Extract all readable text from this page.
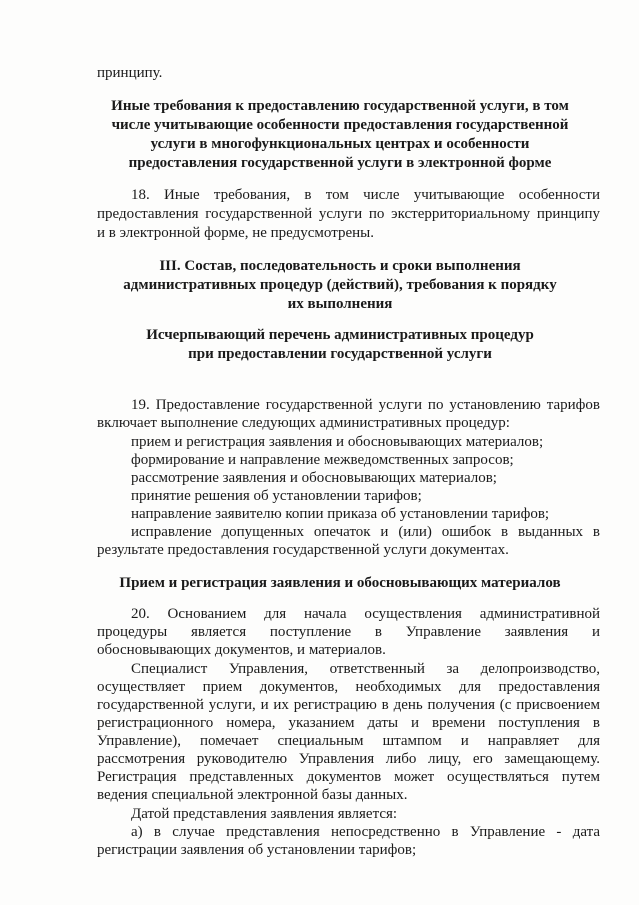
принципу.
Иные требования к предоставлению государственной услуги, в том
числе учитывающие особенности предоставления государственной
услуги в многофункциональных центрах и особенности
предоставления государственной услуги в электронной форме
18. Иные требования, в том числе учитывающие особенности
предоставления государственной услуги по экстерриториальному принципу
и в электронной форме, не предусмотрены.
III. Состав, последовательность и сроки выполнения
административных процедур (действий), требования к порядку
их выполнения
Исчерпывающий перечень административных процедур
при предоставлении государственной услуги
19. Предоставление государственной услуги по установлению тарифов
включает выполнение следующих административных процедур:
прием и регистрация заявления и обосновывающих материалов;
формирование и направление межведомственных запросов;
рассмотрение заявления и обосновывающих материалов;
принятие решения об установлении тарифов;
направление заявителю копии приказа об установлении тарифов;
исправление допущенных опечаток и (или) ошибок в выданных в
результате предоставления государственной услуги документах.
Прием и регистрация заявления и обосновывающих материалов
20. Основанием для начала осуществления административной
процедуры является поступление в Управление заявления и
обосновывающих документов, и материалов.
Специалист Управления, ответственный за делопроизводство,
осуществляет прием документов, необходимых для предоставления
государственной услуги, и их регистрацию в день получения (с присвоением
регистрационного номера, указанием даты и времени поступления в
Управление), помечает специальным штампом и направляет для
рассмотрения руководителю Управления либо лицу, его замещающему.
Регистрация представленных документов может осуществляться путем
ведения специальной электронной базы данных.
Датой представления заявления является:
а) в случае представления непосредственно в Управление - дата
регистрации заявления об установлении тарифов;
